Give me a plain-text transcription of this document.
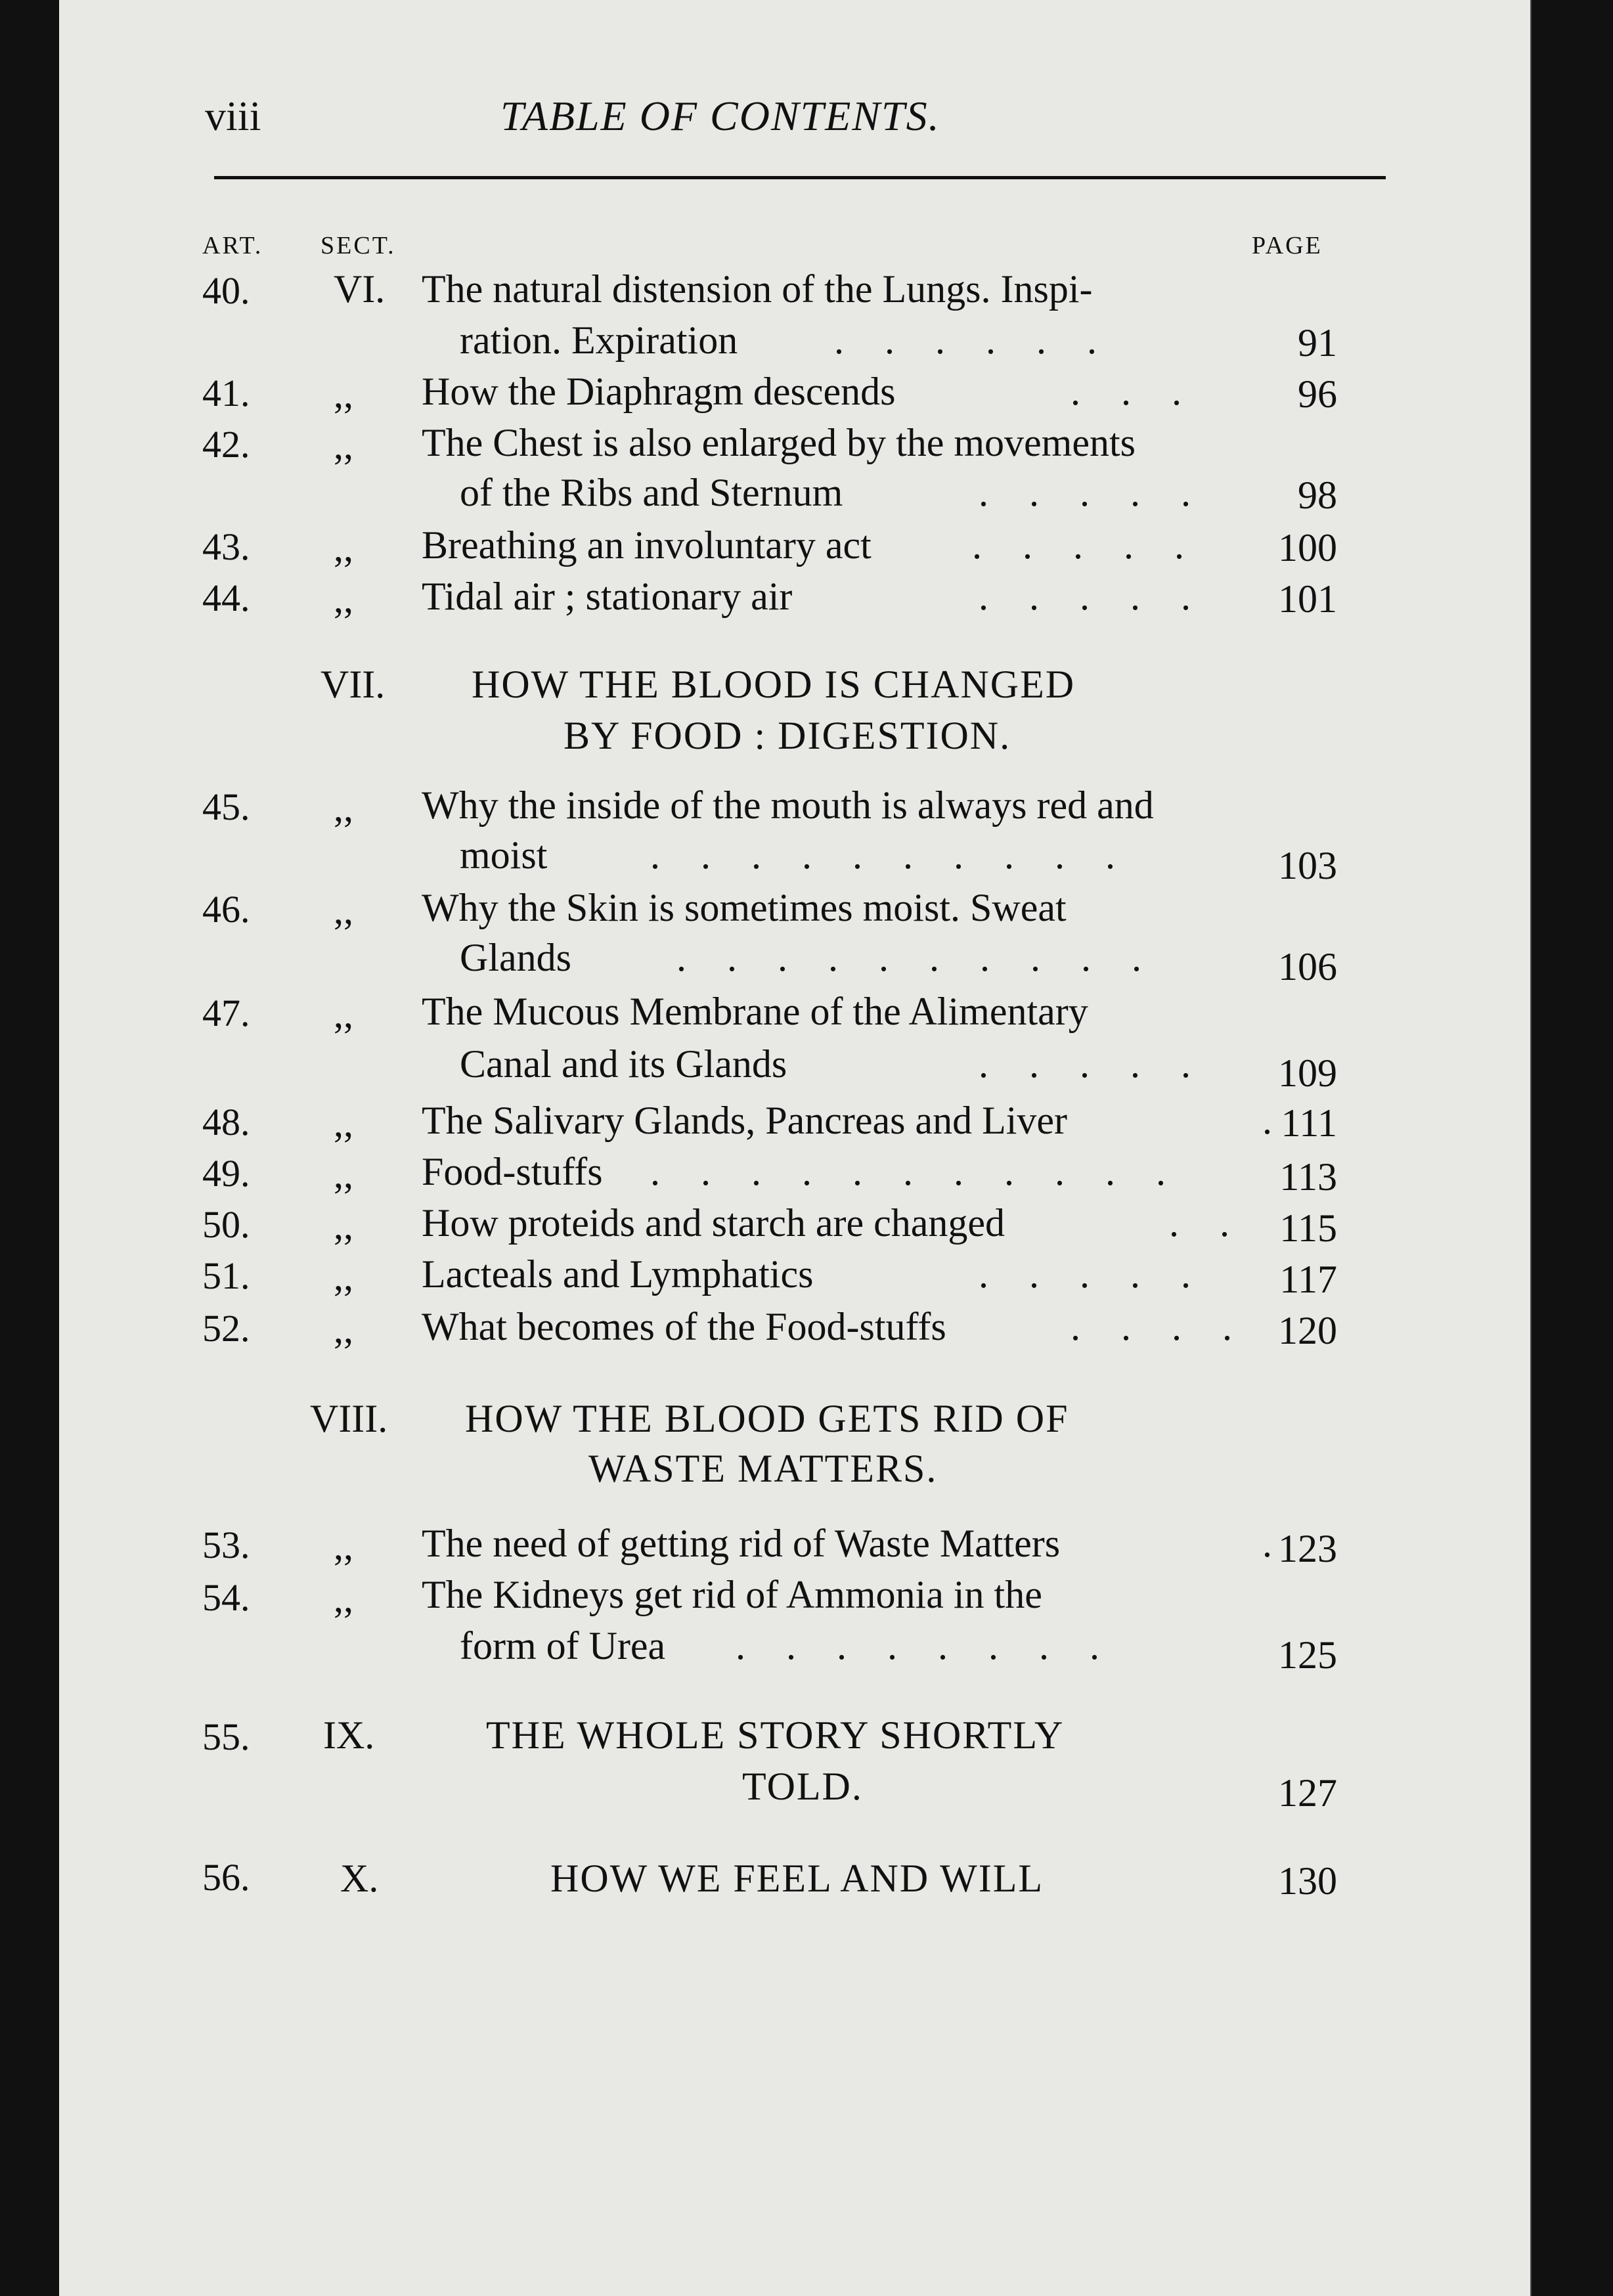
viii	TABLE OF CONTENTS.
ART. SECT.	PAGE
40. VI. The natural distension of the Lungs. Inspi-
ration. Expiration ......	91
41. ,, How the Diaphragm descends	... 96
42. ,, The Chest is also enlarged by the movements
of the Ribs and Sternum	..... 98
43. ,, Breathing an involuntary act	..... 100
44. ,, Tidal air ; stationary air	..... 101
VII. HOW THE BLOOD IS CHANGED
BY FOOD : DIGESTION.
45. ,, Why the inside of the mouth is always red and
moist	..........	103
46. ,, Why the Skin is sometimes moist. Sweat
Glands	.......... 106
47. ,, The Mucous Membrane of the Alimentary
Canal and its Glands	..... 109
48. ,, The Salivary Glands, Pancreas and Liver	. 111
49. ,, Food-stuffs ........... 113
50. ,, How proteids and starch are changed	.. 115
51. ,, Lacteals and Lymphatics	..... 117
52. ,, What becomes of the Food-stuffs	.... 120
VIII. HOW THE BLOOD GETS RID OF
WASTE MATTERS.
53. ,, The need of getting rid of Waste Matters	. 123
54. ,, The Kidneys get rid of Ammonia in the
form of Urea ........	125
55. IX.	THE WHOLE STORY SHORTLY
TOLD.	127
56. X.	HOW WE FEEL AND WILL	130
